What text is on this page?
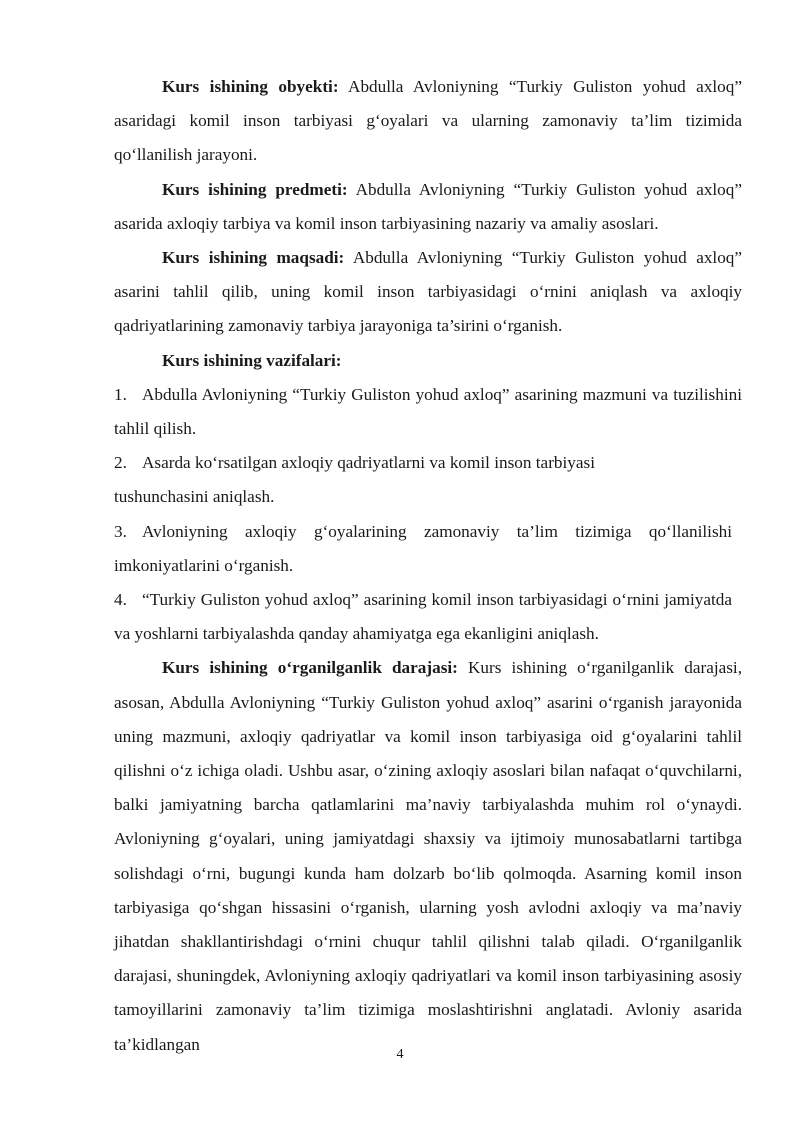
Kurs ishining obyekti: Abdulla Avloniyning “Turkiy Guliston yohud axloq” asaridagi komil inson tarbiyasi g‘oyalari va ularning zamonaviy ta’lim tizimida qo‘llanilish jarayoni.

Kurs ishining predmeti: Abdulla Avloniyning “Turkiy Guliston yohud axloq” asarida axloqiy tarbiya va komil inson tarbiyasining nazariy va amaliy asoslari.

Kurs ishining maqsadi: Abdulla Avloniyning “Turkiy Guliston yohud axloq” asarini tahlil qilib, uning komil inson tarbiyasidagi o‘rnini aniqlash va axloqiy qadriyatlarining zamonaviy tarbiya jarayoniga ta’sirini o‘rganish.

Kurs ishining vazifalari:

1. Abdulla Avloniyning “Turkiy Guliston yohud axloq” asarining mazmuni va tuzilishini tahlil qilish.

2. Asarda ko‘rsatilgan axloqiy qadriyatlarni va komil inson tarbiyasi tushunchasini aniqlash.

3. Avloniyning axloqiy g‘oyalarining zamonaviy ta’lim tizimiga qo‘llanilishi imkoniyatlarini o‘rganish.

4. “Turkiy Guliston yohud axloq” asarining komil inson tarbiyasidagi o‘rnini jamiyatda va yoshlarni tarbiyalashda qanday ahamiyatga ega ekanligini aniqlash.

Kurs ishining o‘rganilganlik darajasi: Kurs ishining o‘rganilganlik darajasi, asosan, Abdulla Avloniyning “Turkiy Guliston yohud axloq” asarini o‘rganish jarayonida uning mazmuni, axloqiy qadriyatlar va komil inson tarbiyasiga oid g‘oyalarini tahlil qilishni o‘z ichiga oladi. Ushbu asar, o‘zining axloqiy asoslari bilan nafaqat o‘quvchilarni, balki jamiyatning barcha qatlamlarini ma’naviy tarbiyalashda muhim rol o‘ynaydi. Avloniyning g‘oyalari, uning jamiyatdagi shaxsiy va ijtimoiy munosabatlarni tartibga solishdagi o‘rni, bugungi kunda ham dolzarb bo‘lib qolmoqda. Asarning komil inson tarbiyasiga qo‘shgan hissasini o‘rganish, ularning yosh avlodni axloqiy va ma’naviy jihatdan shakllantirishdagi o‘rnini chuqur tahlil qilishni talab qiladi. O‘rganilganlik darajasi, shuningdek, Avloniyning axloqiy qadriyatlari va komil inson tarbiyasining asosiy tamoyillarini zamonaviy ta’lim tizimiga moslashtirishni anglatadi. Avloniy asarida ta’kidlangan

4
